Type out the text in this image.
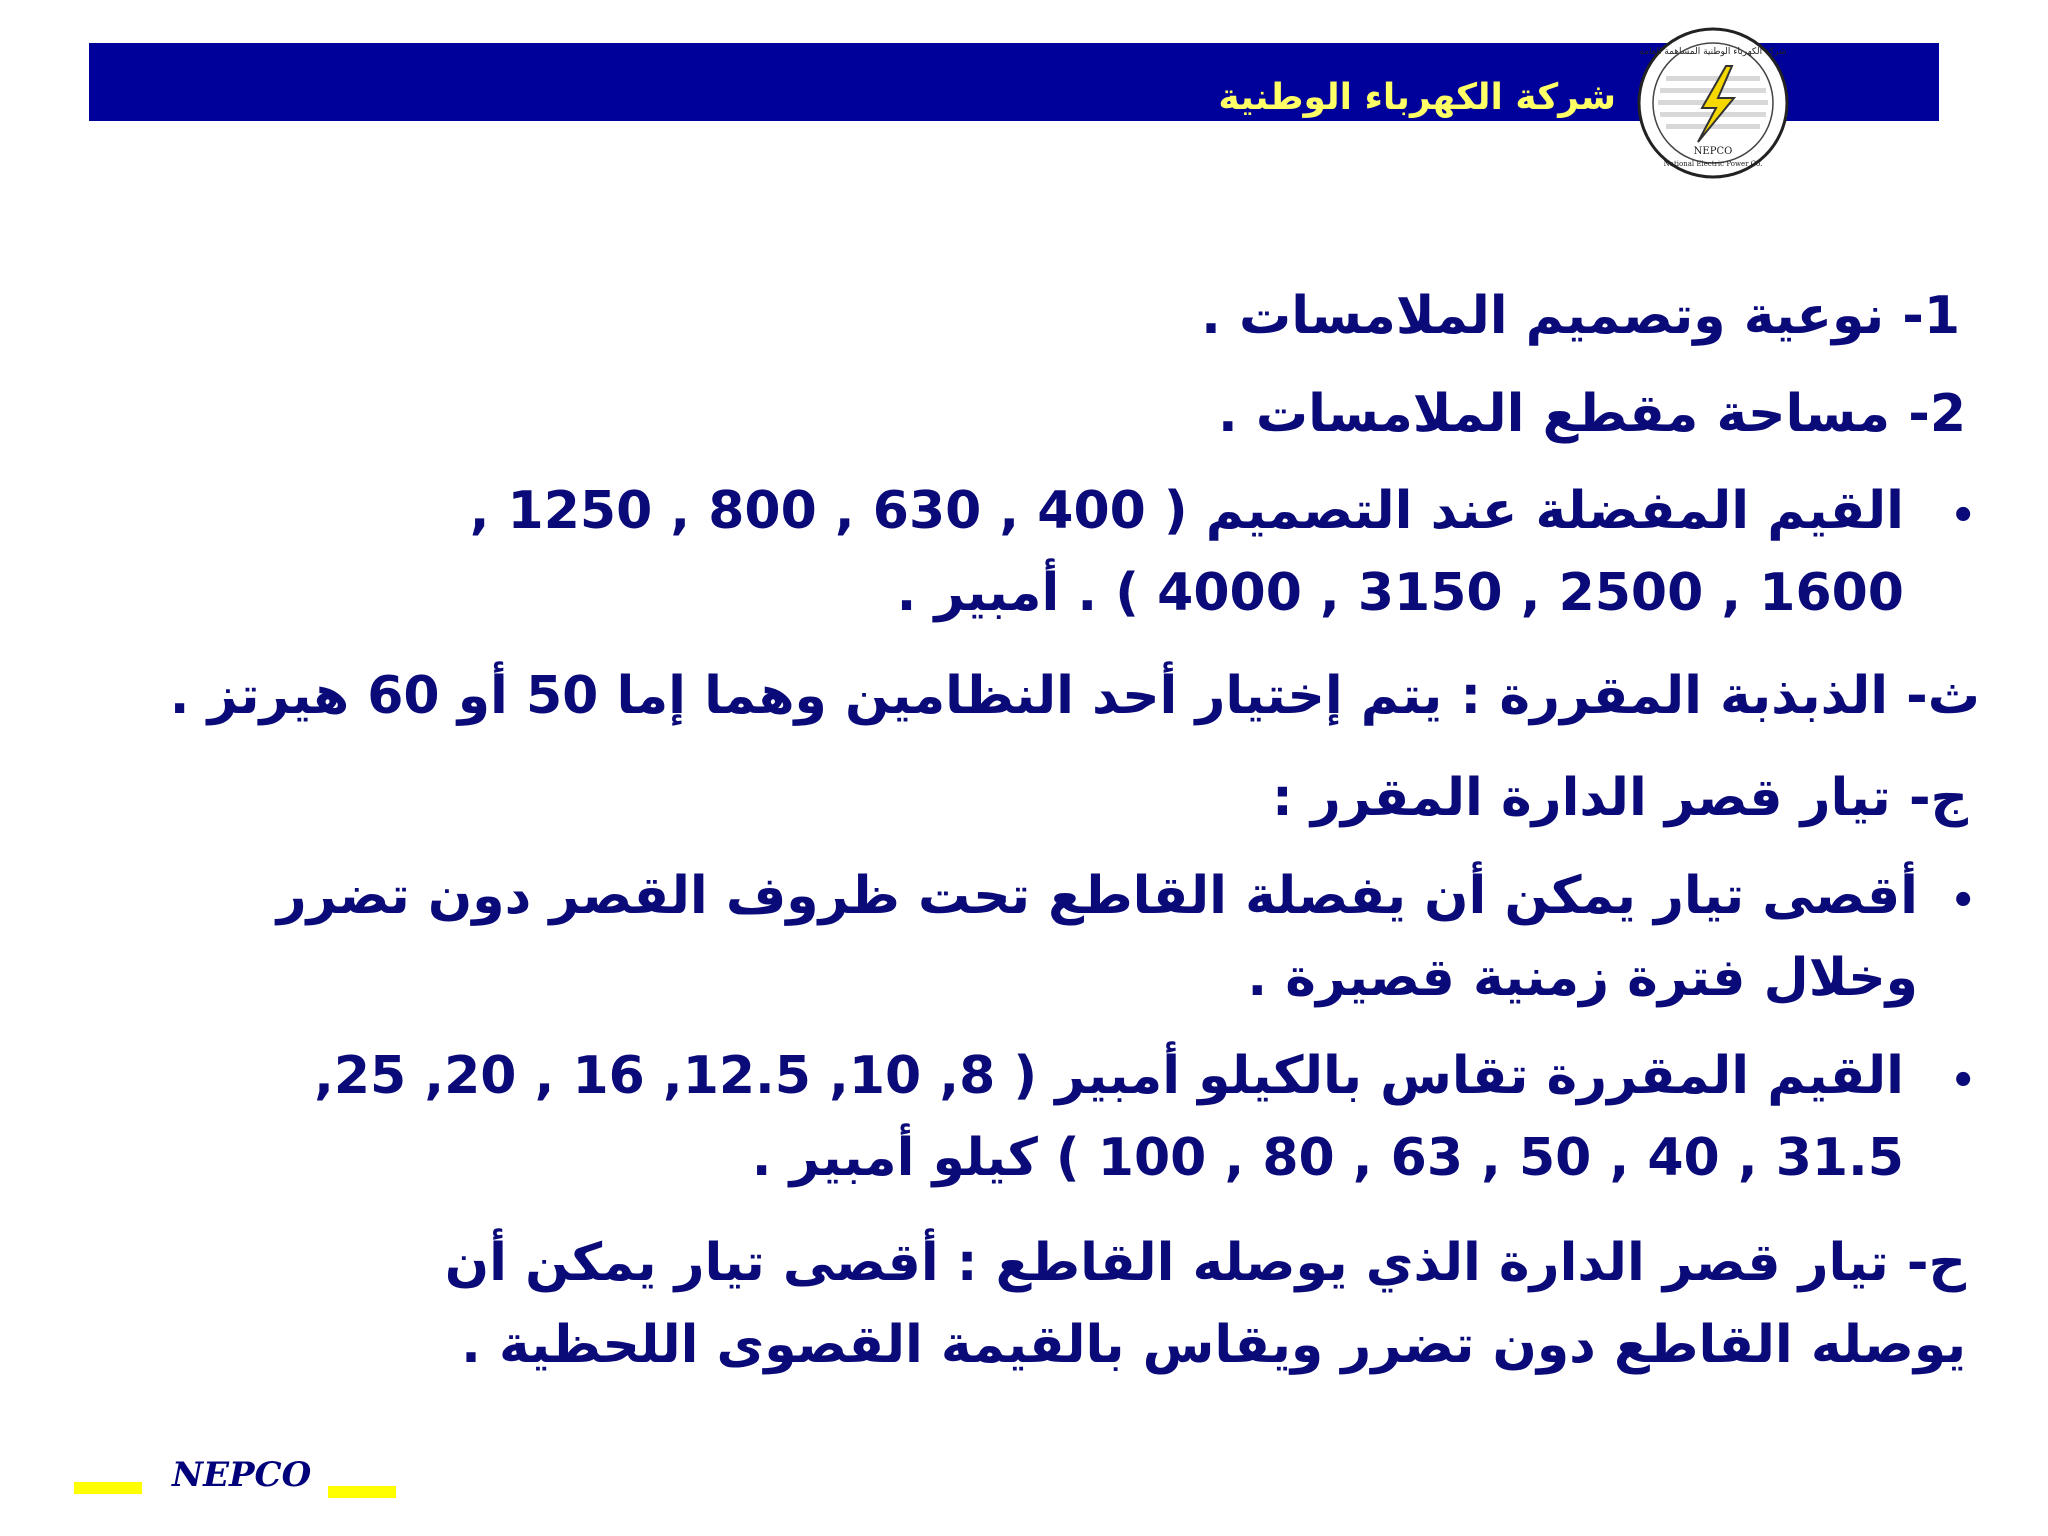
شركة الكهرباء الوطنية
شركة الكهرباء الوطنية المساهمة العامة
NEPCO
National Electric Power Co.
1- نوعية وتصميم الملامسات .
2- مساحة مقطع الملامسات .
•
القيم المفضلة عند التصميم ( 400 , 630 , 800 , 1250 , 1600 , 2500 , 3150 , 4000 ) . أمبير .
ث- الذبذبة المقررة : يتم إختيار أحد النظامين وهما إما 50 أو 60 هيرتز .
ج- تيار قصر الدارة المقرر :
•
أقصى تيار يمكن أن يفصلة القاطع تحت ظروف القصر دون تضرر وخلال فترة زمنية قصيرة .
•
القيم المقررة تقاس بالكيلو أمبير ( 8, 10, 12.5, 16 , 20, 25, 31.5 , 40 , 50 , 63 , 80 , 100 ) كيلو أمبير .
ح- تيار قصر الدارة الذي يوصله القاطع : أقصى تيار يمكن أن يوصله القاطع دون تضرر ويقاس بالقيمة القصوى اللحظية .
NEPCO
